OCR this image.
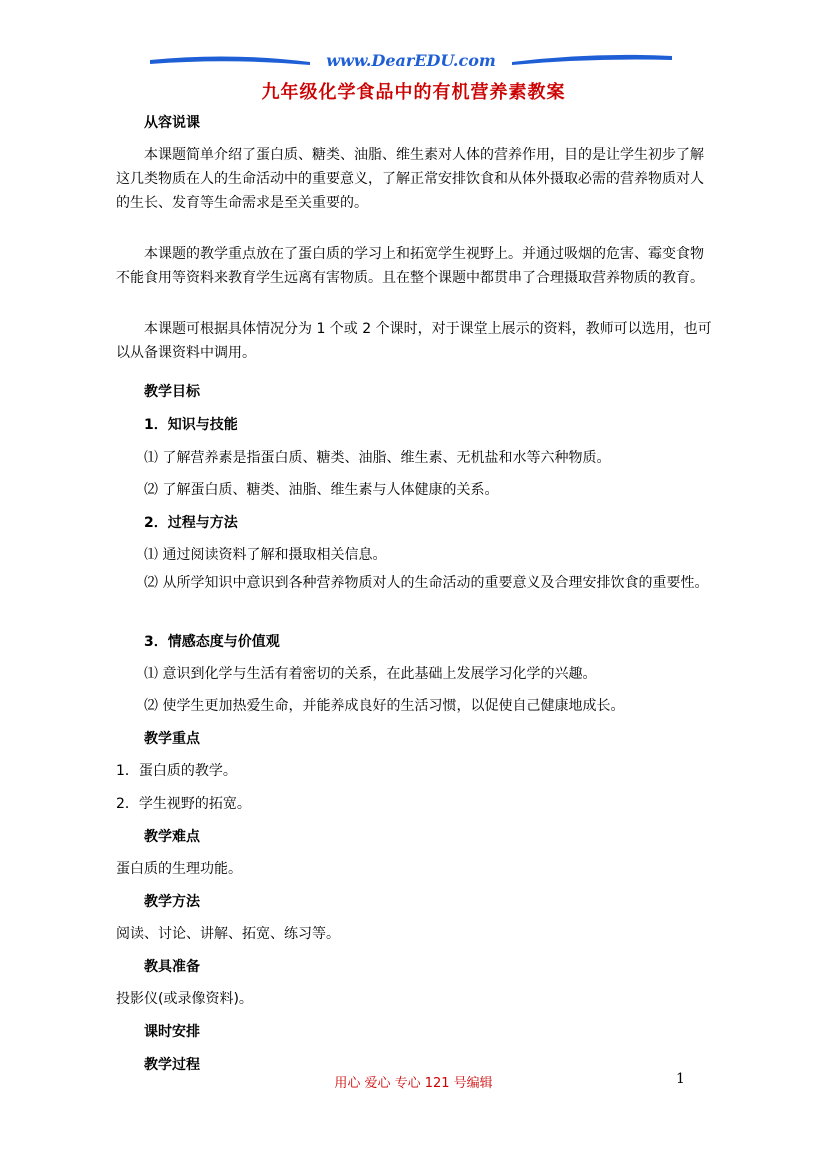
www.DearEDU.com
九年级化学食品中的有机营养素教案
从容说课

本课题简单介绍了蛋白质、糖类、油脂、维生素对人体的营养作用，目的是让学生初步了解这几类物质在人的生命活动中的重要意义，了解正常安排饮食和从体外摄取必需的营养物质对人的生长、发育等生命需求是至关重要的。

本课题的教学重点放在了蛋白质的学习上和拓宽学生视野上。并通过吸烟的危害、霉变食物不能食用等资料来教育学生远离有害物质。且在整个课题中都贯串了合理摄取营养物质的教育。

本课题可根据具体情况分为 1 个或 2 个课时，对于课堂上展示的资料，教师可以选用，也可以从备课资料中调用。

教学目标
1．知识与技能
⑴ 了解营养素是指蛋白质、糖类、油脂、维生素、无机盐和水等六种物质。
⑵ 了解蛋白质、糖类、油脂、维生素与人体健康的关系。
2．过程与方法
⑴ 通过阅读资料了解和摄取相关信息。

⑵ 从所学知识中意识到各种营养物质对人的生命活动的重要意义及合理安排饮食的重要性。

3．情感态度与价值观
⑴ 意识到化学与生活有着密切的关系，在此基础上发展学习化学的兴趣。
⑵ 使学生更加热爱生命，并能养成良好的生活习惯，以促使自己健康地成长。
教学重点
1．蛋白质的教学。
2．学生视野的拓宽。
教学难点
蛋白质的生理功能。
教学方法
阅读、讨论、讲解、拓宽、练习等。
教具准备
投影仪(或录像资料)。
课时安排
教学过程
用心 爱心 专心 121 号编辑	1
